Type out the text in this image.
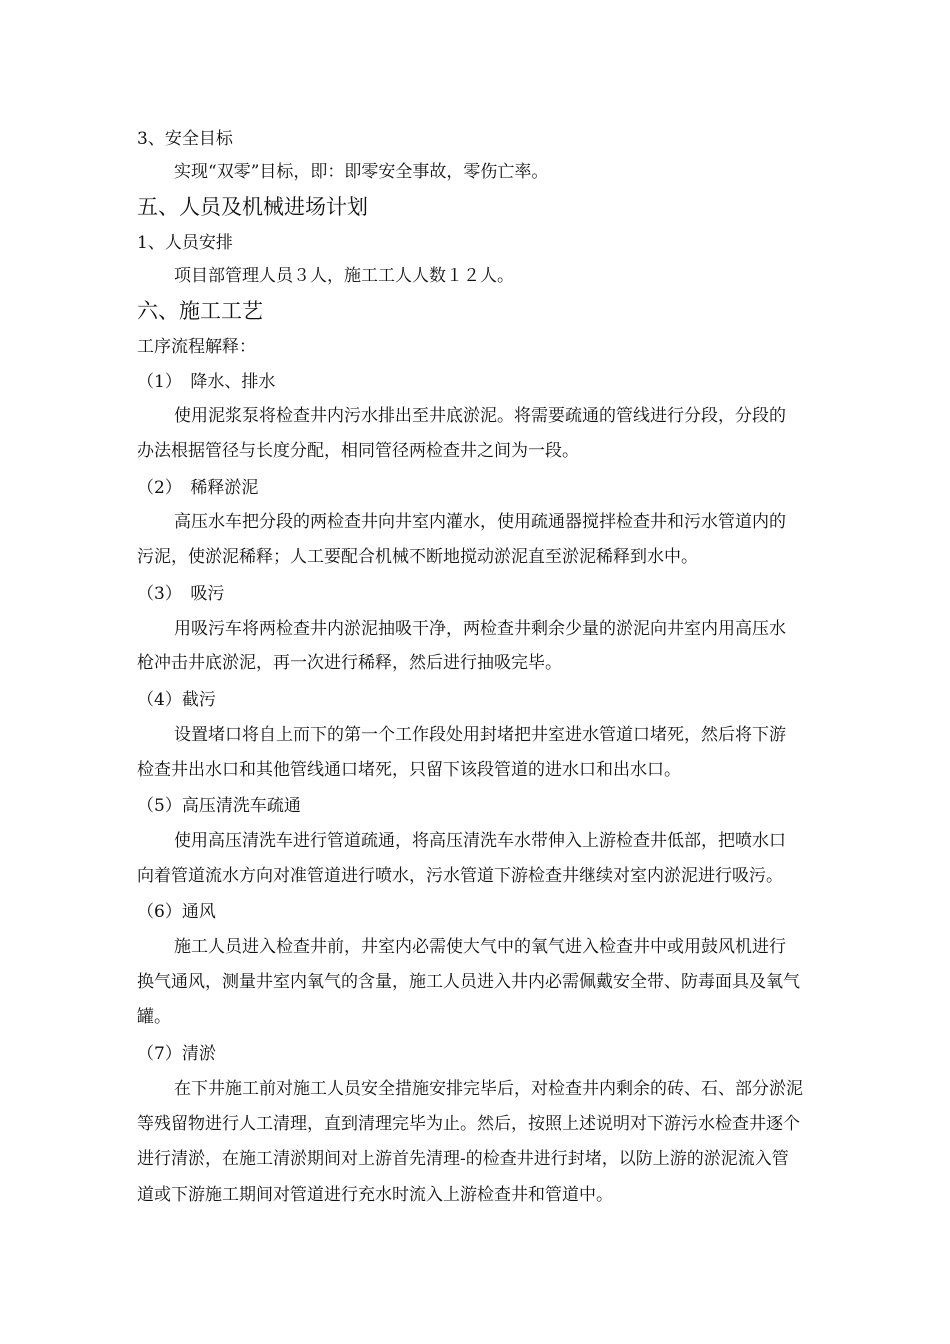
3、安全目标
实现“双零”目标，即：即零安全事故，零伤亡率。
五、人员及机械进场计划
1、人员安排
项目部管理人员３人，施工工人人数１２人。
六、施工工艺
工序流程解释：
（1）　降水、排水
使用泥浆泵将检查井内污水排出至井底淤泥。将需要疏通的管线进行分段，分段的
办法根据管径与长度分配，相同管径两检查井之间为一段。
（2）　稀释淤泥
高压水车把分段的两检查井向井室内灌水，使用疏通器搅拌检查井和污水管道内的
污泥，使淤泥稀释；人工要配合机械不断地搅动淤泥直至淤泥稀释到水中。
（3）　吸污
用吸污车将两检查井内淤泥抽吸干净，两检查井剩余少量的淤泥向井室内用高压水
枪冲击井底淤泥，再一次进行稀释，然后进行抽吸完毕。
（4）截污
设置堵口将自上而下的第一个工作段处用封堵把井室进水管道口堵死，然后将下游
检查井出水口和其他管线通口堵死，只留下该段管道的进水口和出水口。
（5）高压清洗车疏通
使用高压清洗车进行管道疏通，将高压清洗车水带伸入上游检查井低部，把喷水口
向着管道流水方向对准管道进行喷水，污水管道下游检查井继续对室内淤泥进行吸污。
（6）通风
施工人员进入检查井前，井室内必需使大气中的氧气进入检查井中或用鼓风机进行
换气通风，测量井室内氧气的含量，施工人员进入井内必需佩戴安全带、防毒面具及氧气
罐。
（7）清淤
在下井施工前对施工人员安全措施安排完毕后，对检查井内剩余的砖、石、部分淤泥
等残留物进行人工清理，直到清理完毕为止。然后，按照上述说明对下游污水检查井逐个
进行清淤，在施工清淤期间对上游首先清理-的检查井进行封堵，以防上游的淤泥流入管
道或下游施工期间对管道进行充水时流入上游检查井和管道中。
